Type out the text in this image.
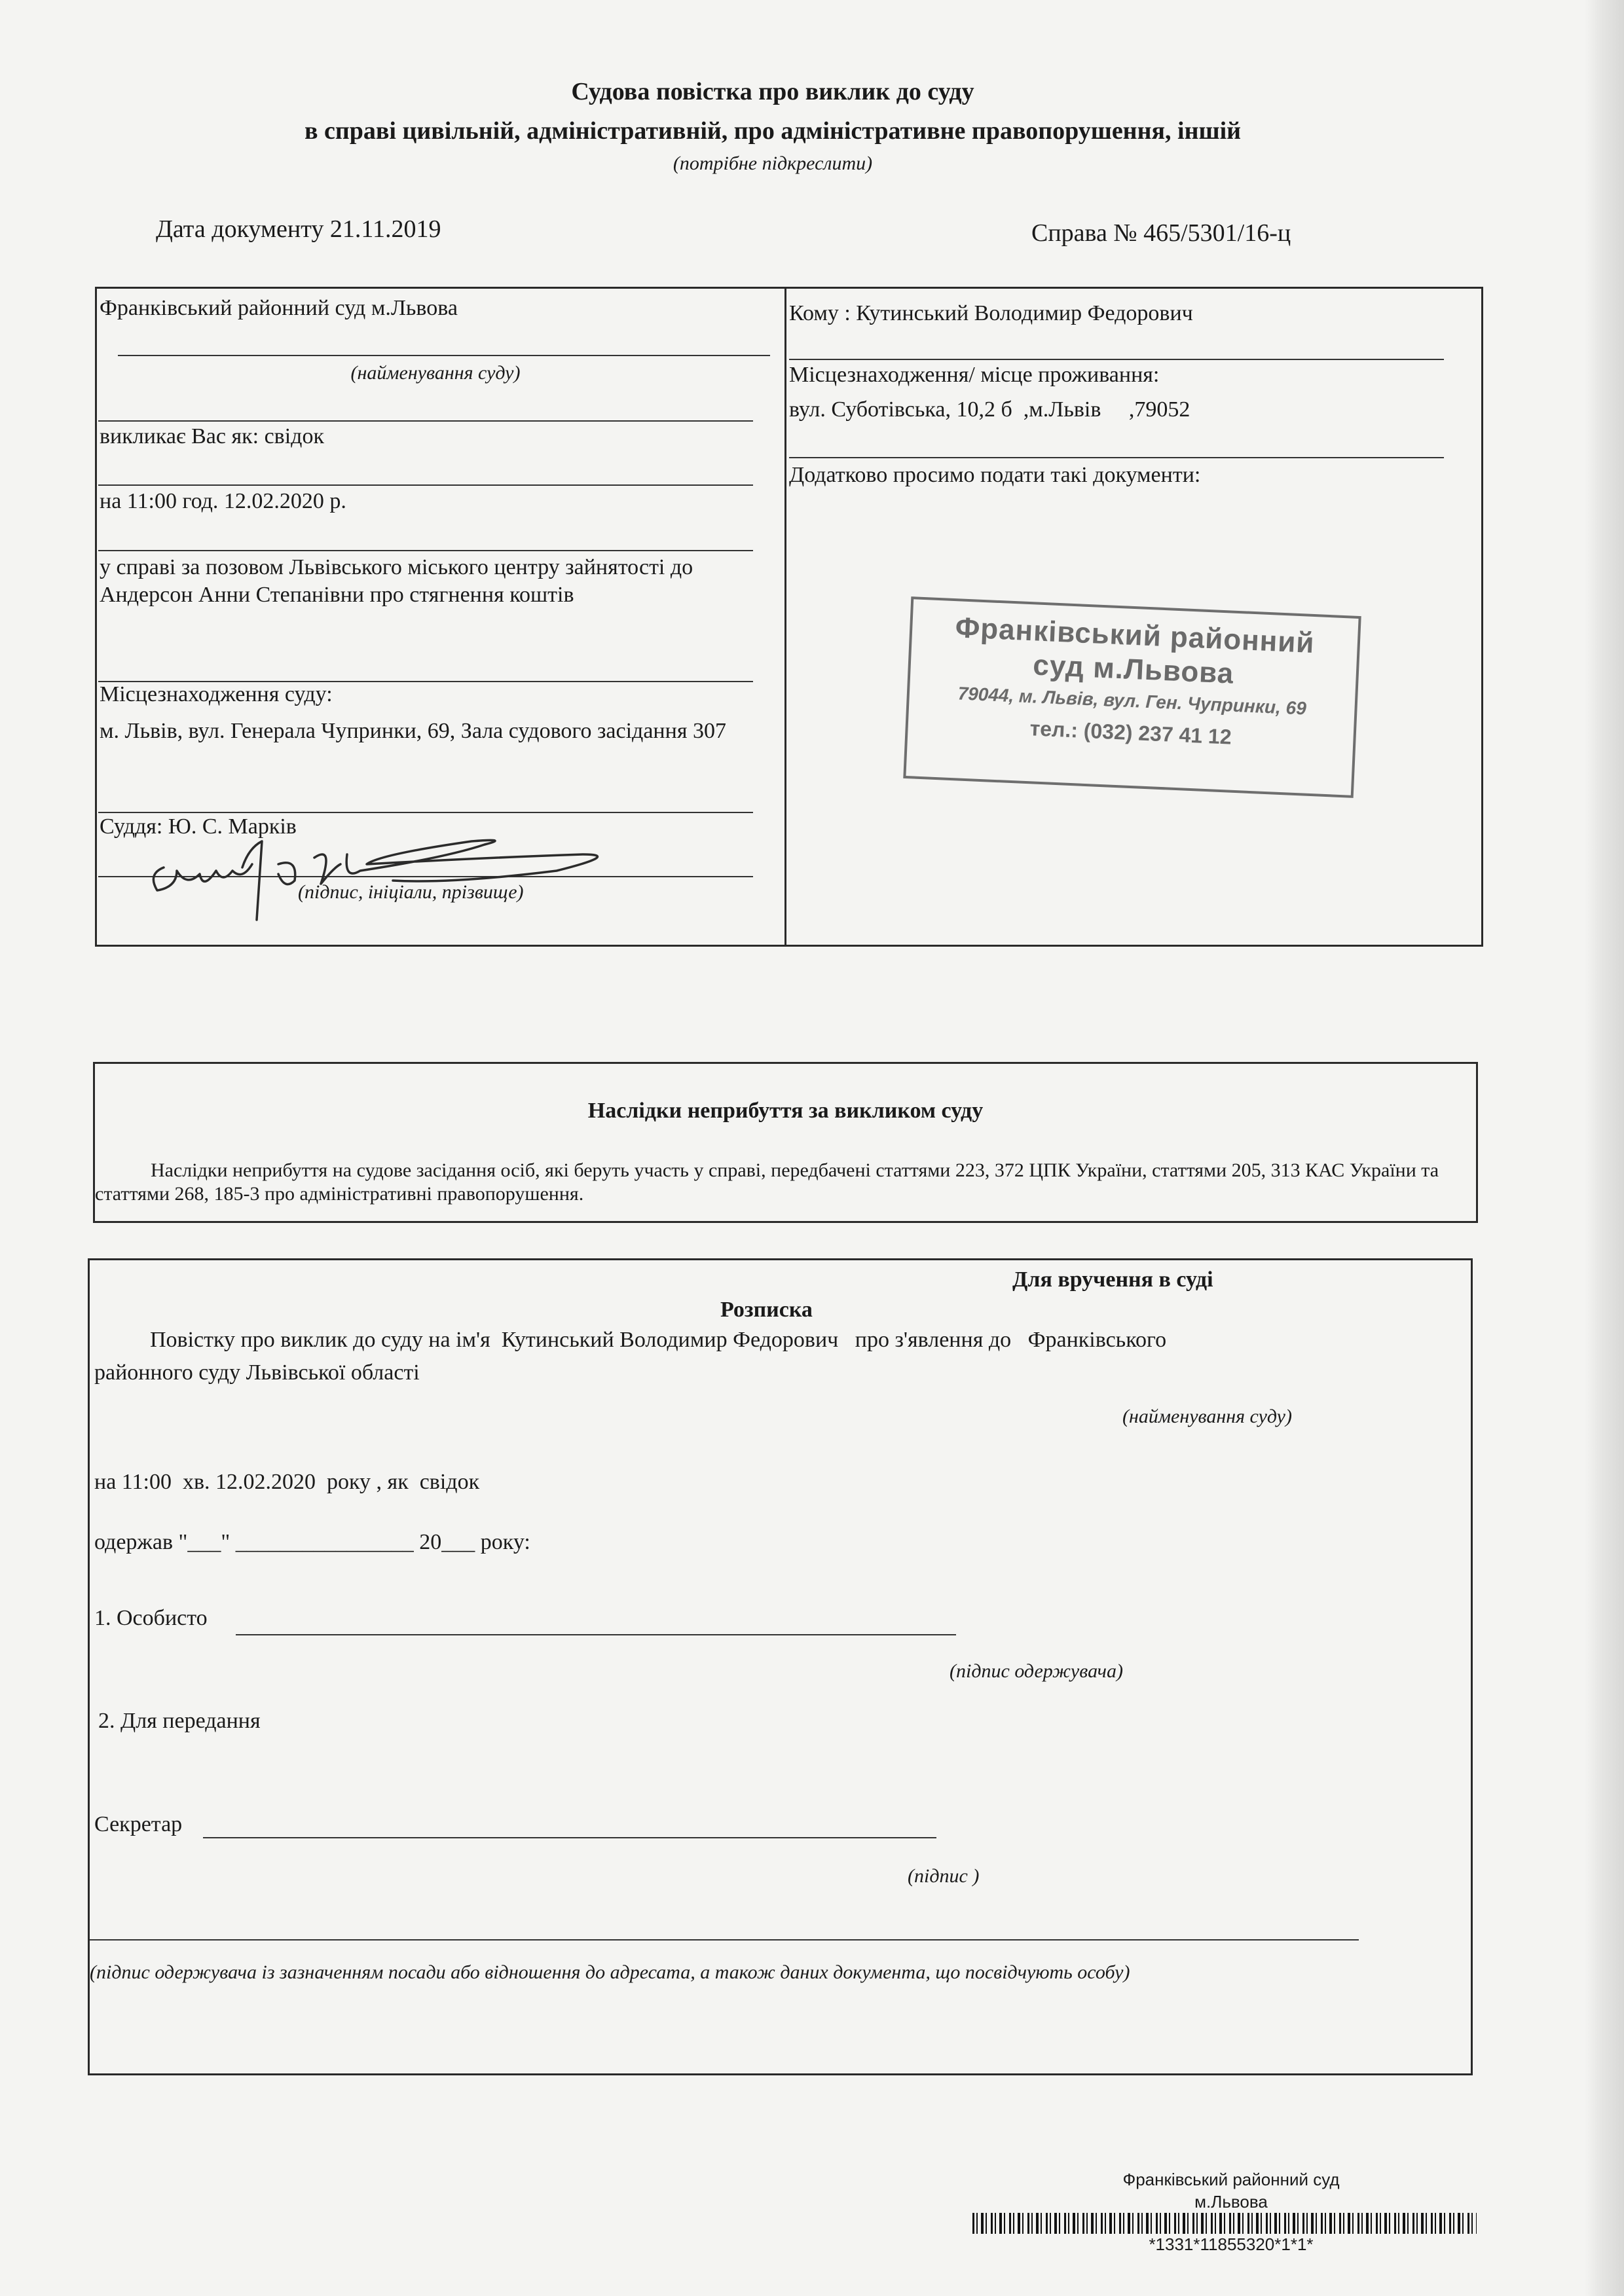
Судова повістка про виклик до суду
в справі цивільній, адміністративній, про адміністративне правопорушення, іншій
(потрібне підкреслити)
Дата документу 21.11.2019	Справа № 465/5301/16-ц
Франківський районний суд м.Львова
(найменування суду)
викликає Вас як: свідок
на 11:00 год. 12.02.2020 р.
у справі за позовом Львівського міського центру зайнятості до Андерсон Анни Степанівни про стягнення коштів
Місцезнаходження суду:
м. Львів, вул. Генерала Чупринки, 69, Зала судового засідання 307
Суддя: Ю. С. Марків
(підпис, ініціали, прізвище)
Кому : Кутинський Володимир Федорович
Місцезнаходження/ місце проживання:
вул. Суботівська, 10,2 б  ,м.Львів     ,79052
Додатково просимо подати такі документи:
Франківський районний
суд м.Львова
79044, м. Львів, вул. Ген. Чупринки, 69
тел.: (032) 237 41 12
Наслідки неприбуття за викликом суду
Наслідки неприбуття на судове засідання осіб, які беруть участь у справі, передбачені статтями 223, 372 ЦПК України, статтями 205, 313 КАС України та статтями 268, 185-3 про адміністративні правопорушення.
Для вручення в суді
Розписка
Повістку про виклик до суду на ім'я  Кутинський Володимир Федорович   про з'явлення до   Франківського
районного суду Львівської області
(найменування суду)
на 11:00  хв. 12.02.2020  року , як  свідок
одержав "___" ________________ 20___ року:
1. Особисто
(підпис одержувача)
2. Для передання
Секретар
(підпис )
(підпис одержувача із зазначенням посади або відношення до адресата, а також даних документа, що посвідчують особу)
Франківський районний суд
м.Львова
*1331*11855320*1*1*
